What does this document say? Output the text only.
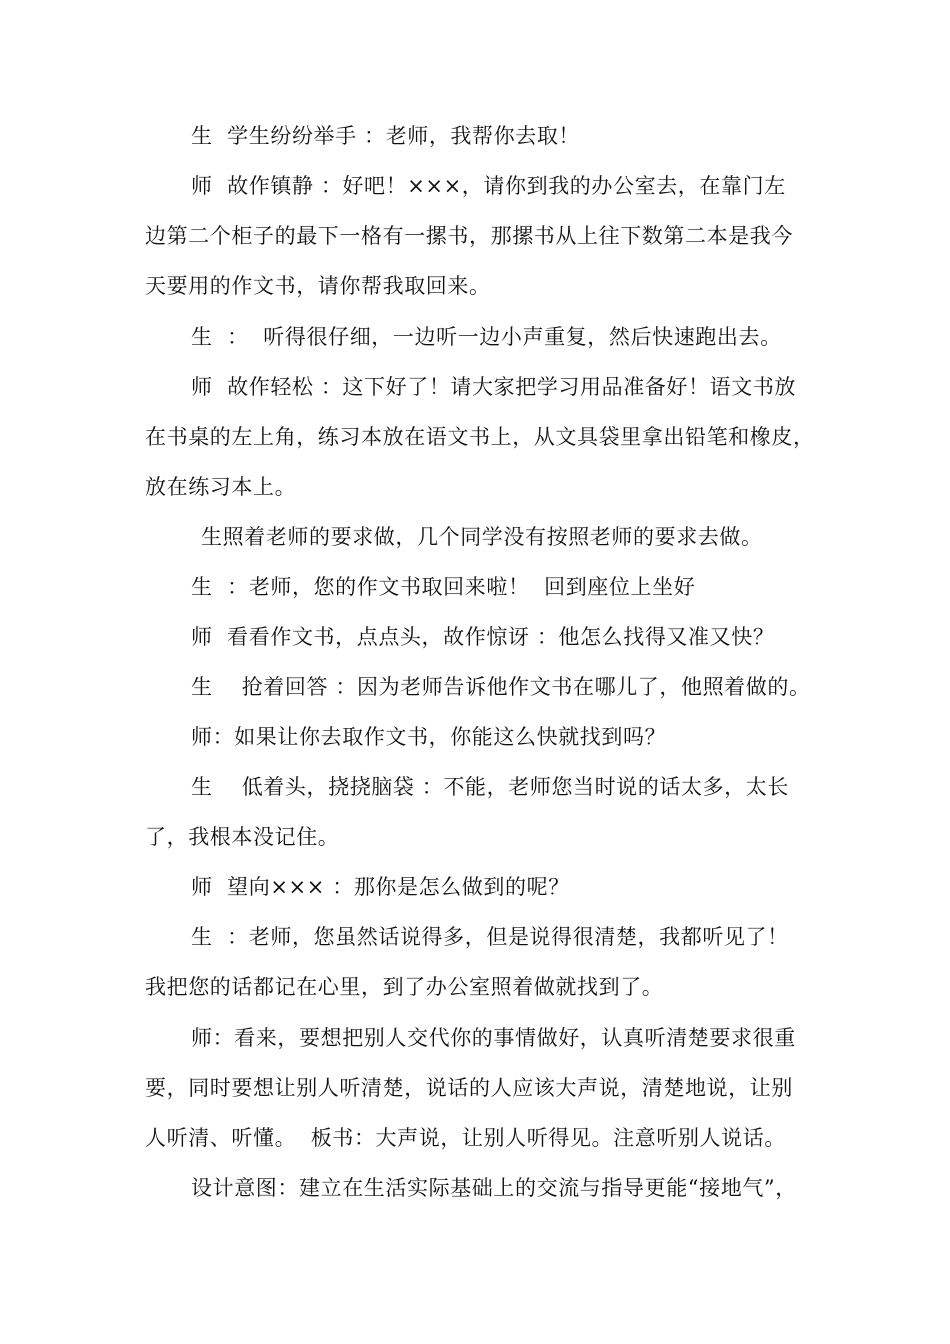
生  学生纷纷举手 ：老师，我帮你去取！
师  故作镇静 ：好吧！×××，请你到我的办公室去，在靠门左
边第二个柜子的最下一格有一摞书，那摞书从上往下数第二本是我今
天要用的作文书，请你帮我取回来。
生  ：  听得很仔细，一边听一边小声重复，然后快速跑出去。
师  故作轻松 ：这下好了！请大家把学习用品准备好！语文书放
在书桌的左上角，练习本放在语文书上，从文具袋里拿出铅笔和橡皮，
放在练习本上。
生照着老师的要求做，几个同学没有按照老师的要求去做。
生  ：老师，您的作文书取回来啦！  回到座位上坐好
师  看看作文书，点点头，故作惊讶 ：他怎么找得又准又快？
生    抢着回答 ：因为老师告诉他作文书在哪儿了，他照着做的。
师：如果让你去取作文书，你能这么快就找到吗？
生    低着头，挠挠脑袋 ：不能，老师您当时说的话太多，太长
了，我根本没记住。
师  望向××× ：那你是怎么做到的呢？
生  ：老师，您虽然话说得多，但是说得很清楚，我都听见了！
我把您的话都记在心里，到了办公室照着做就找到了。
师：看来，要想把别人交代你的事情做好，认真听清楚要求很重
要，同时要想让别人听清楚，说话的人应该大声说，清楚地说，让别
人听清、听懂。  板书：大声说，让别人听得见。注意听别人说话。
设计意图：建立在生活实际基础上的交流与指导更能“接地气”，
